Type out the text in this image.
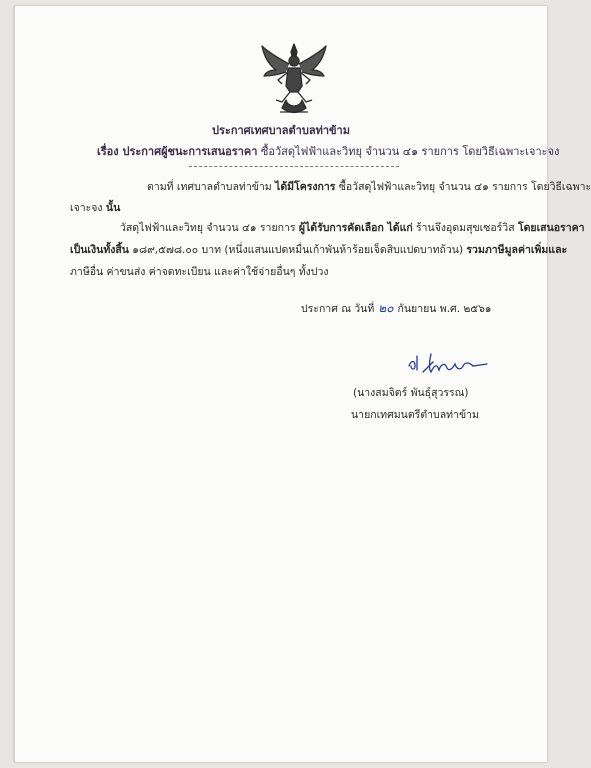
ประกาศเทศบาลตำบลท่าข้าม
เรื่อง ประกาศผู้ชนะการเสนอราคา ซื้อวัสดุไฟฟ้าและวิทยุ จำนวน ๔๑ รายการ โดยวิธีเฉพาะเจาะจง
ตามที่ เทศบาลตำบลท่าข้าม ได้มีโครงการ ซื้อวัสดุไฟฟ้าและวิทยุ จำนวน ๔๑ รายการ โดยวิธีเฉพาะ
เจาะจง นั้น
วัสดุไฟฟ้าและวิทยุ จำนวน ๔๑ รายการ ผู้ได้รับการคัดเลือก ได้แก่ ร้านจึงอุดมสุขเซอร์วิส โดยเสนอราคา
เป็นเงินทั้งสิ้น ๑๘๙,๕๗๘.๐๐ บาท (หนึ่งแสนแปดหมื่นเก้าพันห้าร้อยเจ็ดสิบแปดบาทถ้วน) รวมภาษีมูลค่าเพิ่มและ
ภาษีอื่น ค่าขนส่ง ค่าจดทะเบียน และค่าใช้จ่ายอื่นๆ ทั้งปวง
ประกาศ ณ วันที่ ๒๐ กันยายน พ.ศ. ๒๕๖๑
(นางสมจิตร์ พันธุ์สุวรรณ)
นายกเทศมนตรีตำบลท่าข้าม
